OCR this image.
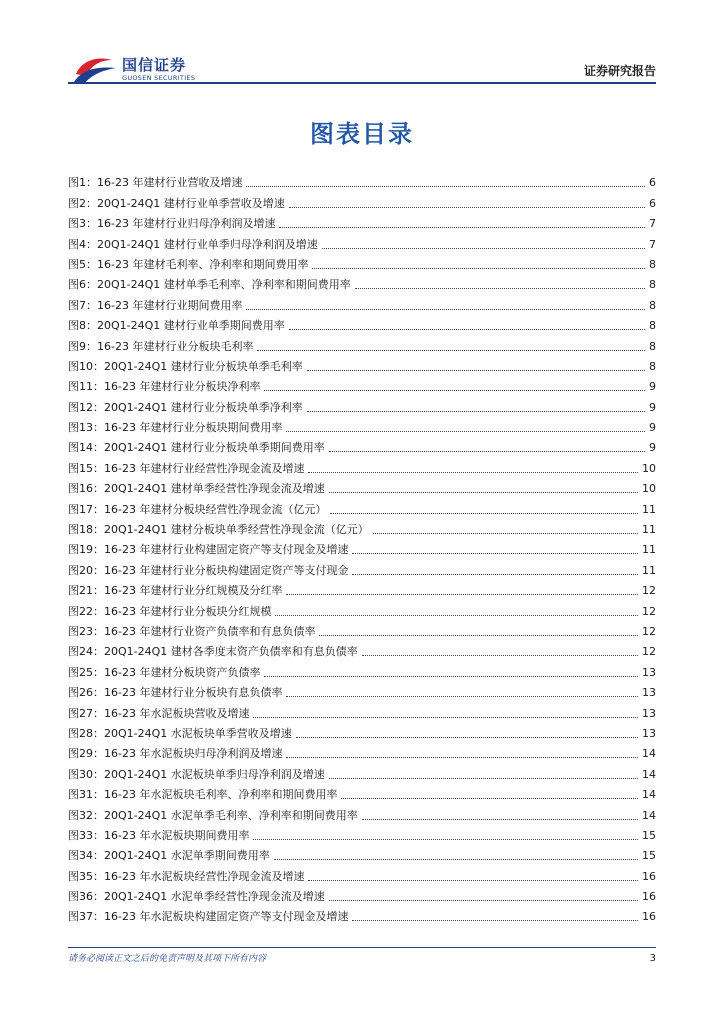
国信证券
GUOSEN SECURITIES	证券研究报告
图表目录
图1： 16-23 年建材行业营收及增速	6
图2： 20Q1-24Q1 建材行业单季营收及增速	6
图3： 16-23 年建材行业归母净利润及增速	7
图4： 20Q1-24Q1 建材行业单季归母净利润及增速	7
图5： 16-23 年建材毛利率、净利率和期间费用率	8
图6： 20Q1-24Q1 建材单季毛利率、净利率和期间费用率	8
图7： 16-23 年建材行业期间费用率	8
图8： 20Q1-24Q1 建材行业单季期间费用率	8
图9： 16-23 年建材行业分板块毛利率	8
图10： 20Q1-24Q1 建材行业分板块单季毛利率	8
图11： 16-23 年建材行业分板块净利率	9
图12： 20Q1-24Q1 建材行业分板块单季净利率	9
图13： 16-23 年建材行业分板块期间费用率	9
图14： 20Q1-24Q1 建材行业分板块单季期间费用率	9
图15： 16-23 年建材行业经营性净现金流及增速	10
图16： 20Q1-24Q1 建材单季经营性净现金流及增速	10
图17： 16-23 年建材分板块经营性净现金流（亿元）	11
图18： 20Q1-24Q1 建材分板块单季经营性净现金流（亿元）	11
图19： 16-23 年建材行业构建固定资产等支付现金及增速	11
图20： 16-23 年建材行业分板块构建固定资产等支付现金	11
图21： 16-23 年建材行业分红规模及分红率	12
图22： 16-23 年建材行业分板块分红规模	12
图23： 16-23 年建材行业资产负债率和有息负债率	12
图24： 20Q1-24Q1 建材各季度末资产负债率和有息负债率	12
图25： 16-23 年建材分板块资产负债率	13
图26： 16-23 年建材行业分板块有息负债率	13
图27： 16-23 年水泥板块营收及增速	13
图28： 20Q1-24Q1 水泥板块单季营收及增速	13
图29： 16-23 年水泥板块归母净利润及增速	14
图30： 20Q1-24Q1 水泥板块单季归母净利润及增速	14
图31： 16-23 年水泥板块毛利率、净利率和期间费用率	14
图32： 20Q1-24Q1 水泥单季毛利率、净利率和期间费用率	14
图33： 16-23 年水泥板块期间费用率	15
图34： 20Q1-24Q1 水泥单季期间费用率	15
图35： 16-23 年水泥板块经营性净现金流及增速	16
图36： 20Q1-24Q1 水泥单季经营性净现金流及增速	16
图37： 16-23 年水泥板块构建固定资产等支付现金及增速	16
请务必阅读正文之后的免责声明及其项下所有内容	3
